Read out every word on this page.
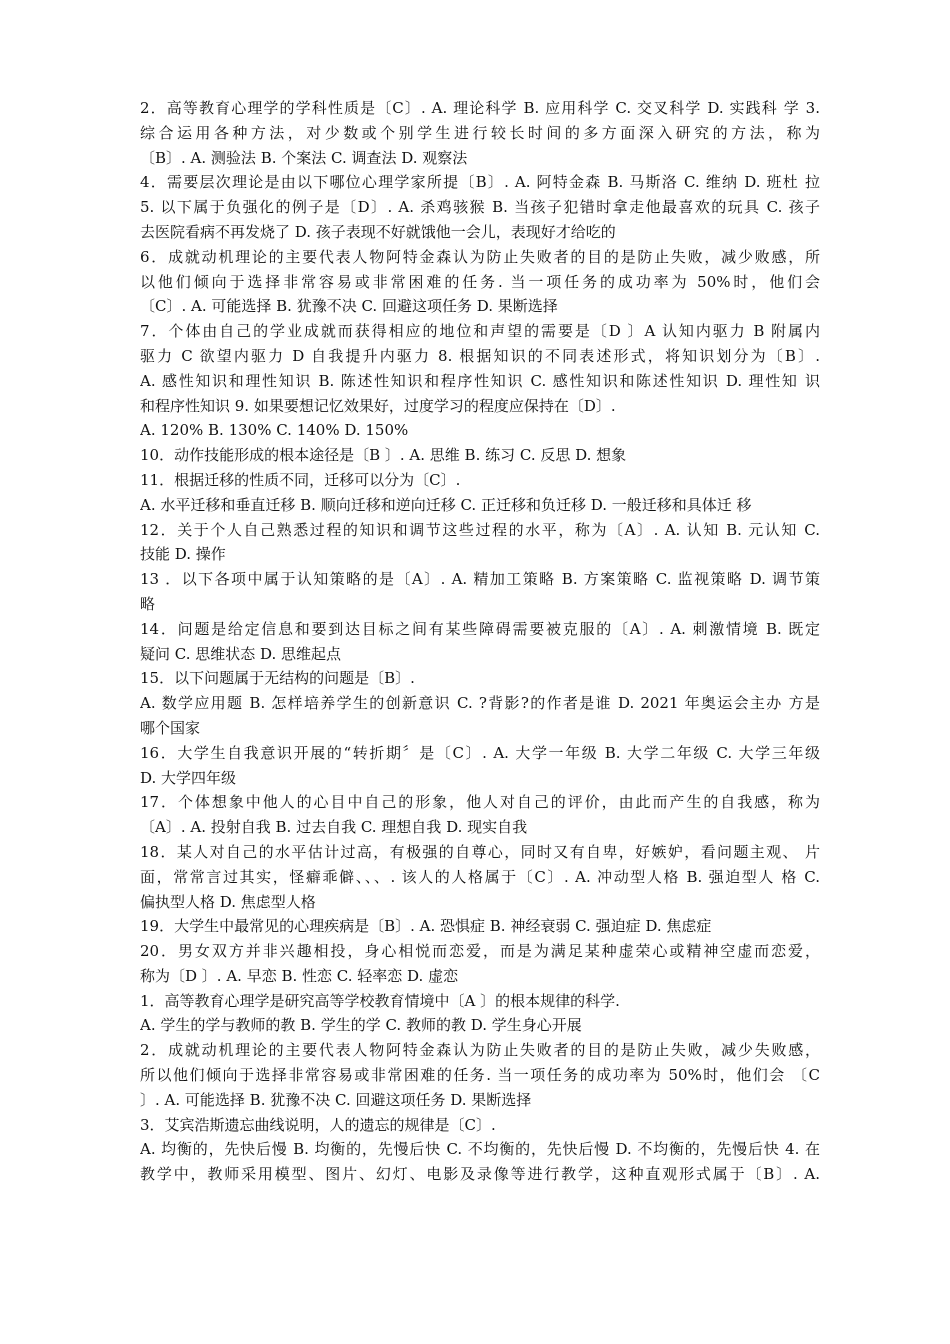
2．高等教育心理学的学科性质是〔C〕. A. 理论科学 B. 应用科学 C. 交叉科学 D. 实践科 学 3.
综合运用各种方法，对少数或个别学生进行较长时间的多方面深入研究的方法，称为
〔B〕. A. 测验法 B. 个案法 C. 调查法 D. 观察法
4．需要层次理论是由以下哪位心理学家所提〔B〕. A. 阿特金森 B. 马斯洛 C. 维纳 D. 班杜 拉
5. 以下属于负强化的例子是〔D〕. A. 杀鸡骇猴 B. 当孩子犯错时拿走他最喜欢的玩具 C. 孩子
去医院看病不再发烧了 D. 孩子表现不好就饿他一会儿，表现好才给吃的
6．成就动机理论的主要代表人物阿特金森认为防止失败者的目的是防止失败，减少败感，所
以他们倾向于选择非常容易或非常困难的任务. 当一项任务的成功率为 50%时，他们会
〔C〕. A. 可能选择 B. 犹豫不决 C. 回避这项任务 D. 果断选择
7．个体由自己的学业成就而获得相应的地位和声望的需要是〔D 〕A 认知内驱力 B 附属内
驱力 C 欲望内驱力 D 自我提升内驱力 8. 根据知识的不同表述形式，将知识划分为〔B〕.
A. 感性知识和理性知识 B. 陈述性知识和程序性知识 C. 感性知识和陈述性知识 D. 理性知 识
和程序性知识 9. 如果要想记忆效果好，过度学习的程度应保持在〔D〕.
A. 120% B. 130% C. 140% D. 150%
10．动作技能形成的根本途径是〔B 〕. A. 思维 B. 练习 C. 反思 D. 想象
11．根据迁移的性质不同，迁移可以分为〔C〕.
A. 水平迁移和垂直迁移 B. 顺向迁移和逆向迁移 C. 正迁移和负迁移 D. 一般迁移和具体迁 移
12．关于个人自己熟悉过程的知识和调节这些过程的水平，称为〔A〕. A. 认知 B. 元认知 C.
技能 D. 操作
13 ．以下各项中属于认知策略的是〔A〕. A. 精加工策略 B. 方案策略 C. 监视策略 D. 调节策
略
14．问题是给定信息和要到达目标之间有某些障碍需要被克服的〔A〕. A. 刺激情境 B. 既定
疑问 C. 思维状态 D. 思维起点
15．以下问题属于无结构的问题是〔B〕.
A. 数学应用题 B. 怎样培养学生的创新意识 C. ?背影?的作者是谁 D. 2021 年奥运会主办 方是
哪个国家
16．大学生自我意识开展的“转折期〞是〔C〕. A. 大学一年级 B. 大学二年级 C. 大学三年级
D. 大学四年级
17．个体想象中他人的心目中自己的形象，他人对自己的评价，由此而产生的自我感，称为
〔A〕. A. 投射自我 B. 过去自我 C. 理想自我 D. 现实自我
18．某人对自己的水平估计过高，有极强的自尊心，同时又有自卑，好嫉妒，看问题主观、 片
面，常常言过其实，怪癖乖僻、、、. 该人的人格属于〔C〕. A. 冲动型人格 B. 强迫型人 格 C.
偏执型人格 D. 焦虑型人格
19．大学生中最常见的心理疾病是〔B〕. A. 恐惧症 B. 神经衰弱 C. 强迫症 D. 焦虑症
20．男女双方并非兴趣相投，身心相悦而恋爱，而是为满足某种虚荣心或精神空虚而恋爱，
称为〔D 〕. A. 早恋 B. 性恋 C. 轻率恋 D. 虚恋
1．高等教育心理学是研究高等学校教育情境中〔A 〕的根本规律的科学.
A. 学生的学与教师的教 B. 学生的学 C. 教师的教 D. 学生身心开展
2．成就动机理论的主要代表人物阿特金森认为防止失败者的目的是防止失败，减少失败感，
所以他们倾向于选择非常容易或非常困难的任务. 当一项任务的成功率为 50%时，他们会 〔C
〕. A. 可能选择 B. 犹豫不决 C. 回避这项任务 D. 果断选择
3．艾宾浩斯遗忘曲线说明，人的遗忘的规律是〔C〕.
A. 均衡的，先快后慢 B. 均衡的，先慢后快 C. 不均衡的，先快后慢 D. 不均衡的，先慢后快 4. 在
教学中，教师采用模型、图片、幻灯、电影及录像等进行教学，这种直观形式属于〔B〕. A.
